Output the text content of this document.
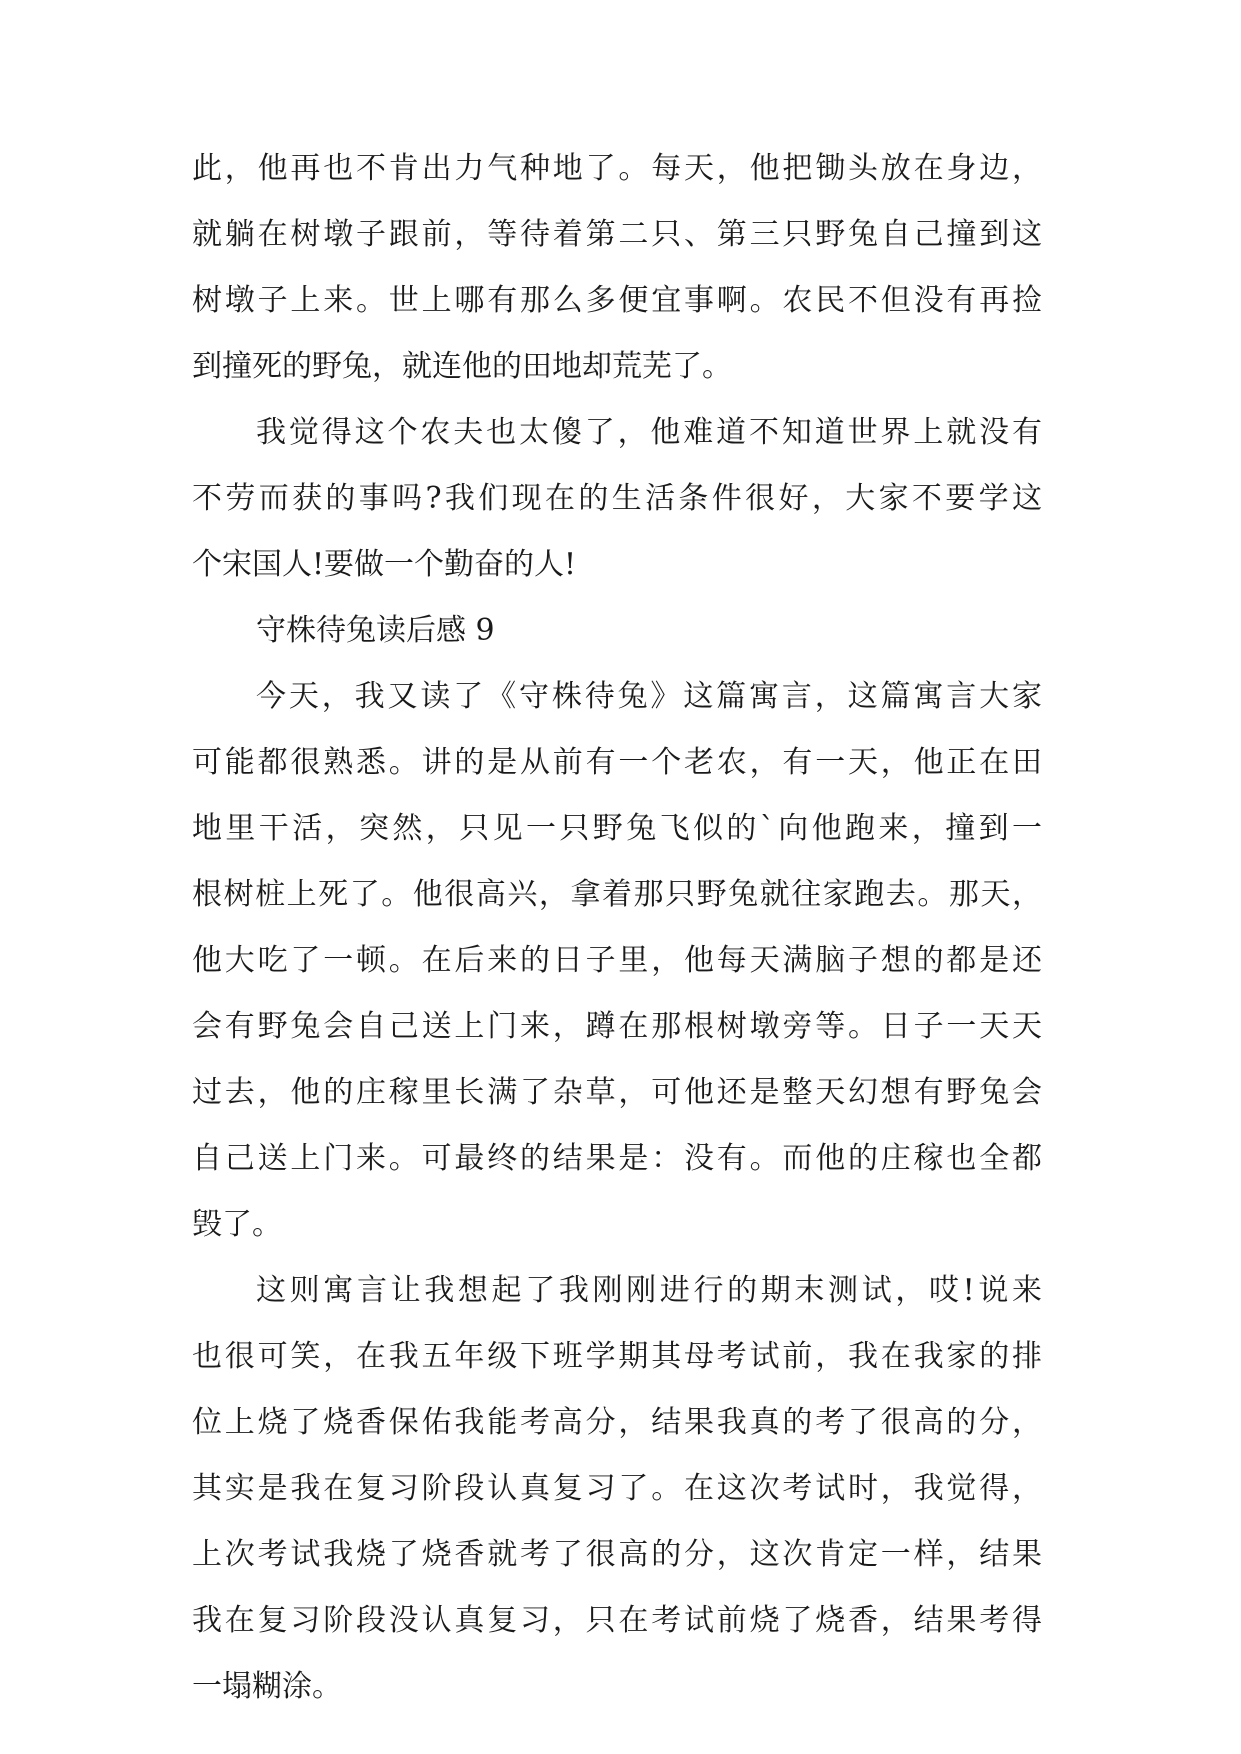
此，他再也不肯出力气种地了。每天，他把锄头放在身边，
就躺在树墩子跟前，等待着第二只、第三只野兔自己撞到这
树墩子上来。世上哪有那么多便宜事啊。农民不但没有再捡
到撞死的野兔，就连他的田地却荒芜了。
我觉得这个农夫也太傻了，他难道不知道世界上就没有
不劳而获的事吗?我们现在的生活条件很好，大家不要学这
个宋国人!要做一个勤奋的人!
守株待兔读后感 9
今天，我又读了《守株待兔》这篇寓言，这篇寓言大家
可能都很熟悉。讲的是从前有一个老农，有一天，他正在田
地里干活，突然，只见一只野兔飞似的`向他跑来，撞到一
根树桩上死了。他很高兴，拿着那只野兔就往家跑去。那天，
他大吃了一顿。在后来的日子里，他每天满脑子想的都是还
会有野兔会自己送上门来，蹲在那根树墩旁等。日子一天天
过去，他的庄稼里长满了杂草，可他还是整天幻想有野兔会
自己送上门来。可最终的结果是：没有。而他的庄稼也全都
毁了。
这则寓言让我想起了我刚刚进行的期末测试，哎!说来
也很可笑，在我五年级下班学期其母考试前，我在我家的排
位上烧了烧香保佑我能考高分，结果我真的考了很高的分，
其实是我在复习阶段认真复习了。在这次考试时，我觉得，
上次考试我烧了烧香就考了很高的分，这次肯定一样，结果
我在复习阶段没认真复习，只在考试前烧了烧香，结果考得
一塌糊涂。
